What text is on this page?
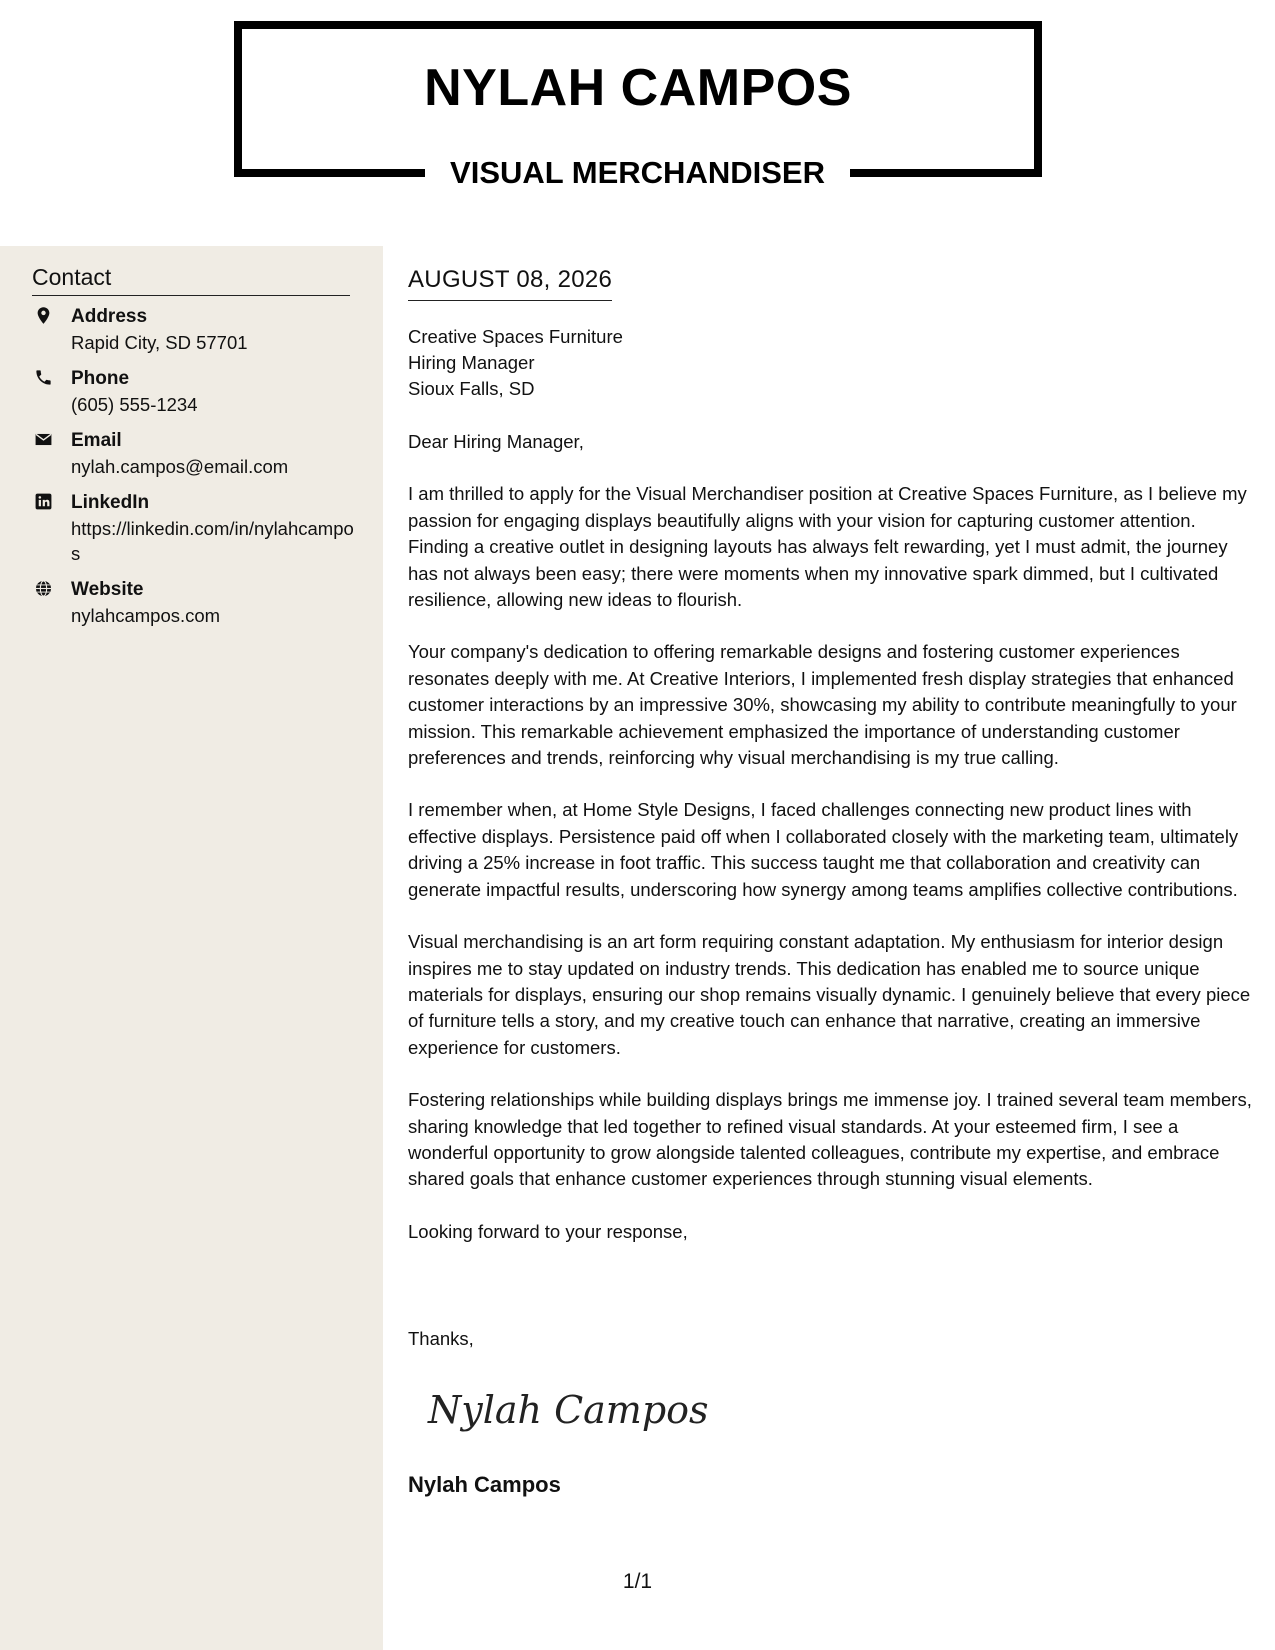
NYLAH CAMPOS
VISUAL MERCHANDISER
Contact
Address
Rapid City, SD 57701
Phone
(605) 555-1234
Email
nylah.campos@email.com
LinkedIn
https://linkedin.com/in/nylahcampos
Website
nylahcampos.com
AUGUST 08, 2026
Creative Spaces Furniture
Hiring Manager
Sioux Falls, SD

Dear Hiring Manager,

I am thrilled to apply for the Visual Merchandiser position at Creative Spaces Furniture, as I believe my passion for engaging displays beautifully aligns with your vision for capturing customer attention. Finding a creative outlet in designing layouts has always felt rewarding, yet I must admit, the journey has not always been easy; there were moments when my innovative spark dimmed, but I cultivated resilience, allowing new ideas to flourish.

Your company's dedication to offering remarkable designs and fostering customer experiences resonates deeply with me. At Creative Interiors, I implemented fresh display strategies that enhanced customer interactions by an impressive 30%, showcasing my ability to contribute meaningfully to your mission. This remarkable achievement emphasized the importance of understanding customer preferences and trends, reinforcing why visual merchandising is my true calling.

I remember when, at Home Style Designs, I faced challenges connecting new product lines with effective displays. Persistence paid off when I collaborated closely with the marketing team, ultimately driving a 25% increase in foot traffic. This success taught me that collaboration and creativity can generate impactful results, underscoring how synergy among teams amplifies collective contributions.

Visual merchandising is an art form requiring constant adaptation. My enthusiasm for interior design inspires me to stay updated on industry trends. This dedication has enabled me to source unique materials for displays, ensuring our shop remains visually dynamic. I genuinely believe that every piece of furniture tells a story, and my creative touch can enhance that narrative, creating an immersive experience for customers.

Fostering relationships while building displays brings me immense joy. I trained several team members, sharing knowledge that led together to refined visual standards. At your esteemed firm, I see a wonderful opportunity to grow alongside talented colleagues, contribute my expertise, and embrace shared goals that enhance customer experiences through stunning visual elements.

Looking forward to your response,

Thanks,
Nylah Campos
Nylah Campos
1/1
